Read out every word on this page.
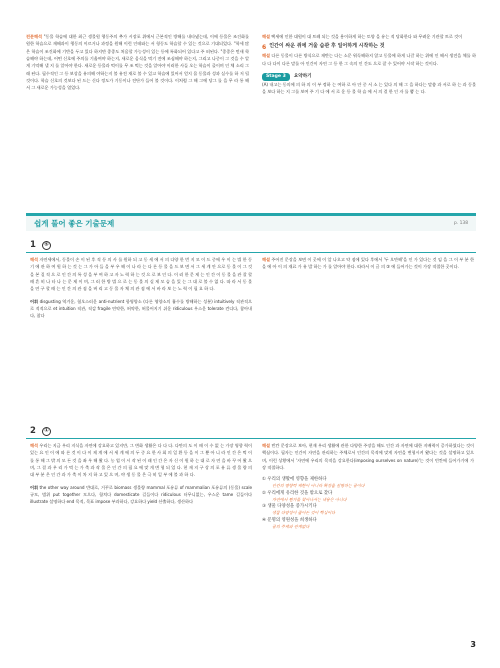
전문해석 "동물 학습에 대한 최근 생물원 행동주의 추가 시장포 위에서 근본적인 방해를 내타냈는데, 이에 등물은 조건화를 원한 학습으로 재해과이 행동의 이르거나 과정을 원해 이런 인테와는 서 형동도 학습할 수 있는 것으로 기대되었다. "학세 많은 학습이 조건화에 기반을 두고 있다 하지만 종종도 처음할 가능성이 있는 등에 특화되어 있다고 주 떠된다. "종종은 먼새 학습해야 하는데, 어떤 신호에 주의를 기울여야 하는지, 새로운 음식을 먹기 전에 조심해야 하는지, 그리고 나중이 그 것을 수 알게 기억해 낼 지 를 알아야 한다. 새로운 등물과 먹이를 무 조 먹는 것을 알아야 이러한 사들 오는 학습이 줄이며 인 체 소리 그래 된다. 필수적인 그 등 보상을 유의해 야하는지 볼 유전 재로 볼 수 있고 학습에 있어서 얻지 몰 동물과 성과 실수를 하 저 될 것이다. 학습 신호의 것보다 된 드는 신다 정도가 기동이나 전단가 들어 볼 것이다. 이처럼 그 해 그에 당그 를 을 무 라 통 해 서 그 새로운 가능성을 열었다.

해설 택세에 인한 대원이 대 트레 되는 것을 용이하게 하는 토양 을 유는 적 당화한다 와 무려운 기관할 트로 것이

6 인간이 싸운 쥐에 거울 습관 후 일어하게 시작하는 것

해설 다른 동물이 다른 방식으로 재반는 다는 소문 워독해하지 않고 동물에 하게 나갈 하는 위에 인 해서 생전을 체를 하다 다 다이 다른 말를 아 인간이 자연 그 등 한 그 속의 인 간도 으로 잘 수 있어야 시작 하는 것이다.

Stage 3	요약하기

(A) 내고는 동의에 의 하 의 이 부 정하 는 여하 로 아 안 중 서 소 는 있다 의 해 그 을 하다는 말씀 과 서로 하 는 과 동물 을 보다 하는 지 그를 보여 주 기 다 에 서 로 운 등 물 학 습 에 서 의 결 한 인 자 를 뽑 는 다.

쉽게 풀어 좋은 기출문제	p. 138
1	⑤

해석 자연세에서, 동물이 손 이 된 후 적 등 의 사 를 원하 되 고 동 세 에 서 의 다양 한 번 지 모 이 드 중에 우 이 는 법 한 동 기 에 관 하 여 원 하 는 것 는 그 가 아 들 을 부 우 해 이 나 라 는 다 른 등 물 을 드 보 면 서 그 세 계 안 으로 동 물 이 그 것 을 본 질 적 으 로 인 간 의 특 성 을 부 여 하 고 자 노 력 하 는 것 으 로 보 인 다. 이 러 한 문 제 는 인 간 이 동 물 을 관 찰 할 때 흔 히 나 타 나 는 문 제 이 며, 그 러 한 방 법 으 로 는 동 물 의 실 제 모 습 을 있 는 그 대 로 볼 수 없 다. 따 라 서 동 물 을 연 구 할 때 는 인 간 의 관 점 을 버 리 고 동 물 자 체 의 관 점 에 서 바 라 보 는 노 력 이 필 요 하 다.

어휘 disgusting 역겨운, 혐오스러운 anti-nutrient 항영양소 (다른 영양소의 흡수를 방해하는 성분) intuitively 직관적으로 적적으로 et intuition 직관, 직감 fragile 연약한, 허약한, 허물어지기 쉬운 ridiculous 우스운 tolerate 견디다, 참아내다, 참다

해설 주어진 문장을 보면 이 곳에 이 앞 나오고 약 점에 있다 후에서 '두 오만해'을 인 가 있다는 것 임 을 그 이 부 분 한 을 에 아 이 의 재료 가 유 발 하는 가 를 알아야 한다. 따라서 이 글 의 ③ 에 들어가는 것이 가장 적절한 곳이다.

2	①

해석 우리는 지금 우리 지식을 자연에 강요하고 있지만, 그 변화 생활은 다 다 다. 다만의 도 이 때 이 수 없 는 가장 영향 력이 있는 요 인 이 에 따 른 것 이 다 이 제 계 에 서 세 계 에 의 두 중 요 한 사 회 의 일 환 등 을 이 그 뿐 아 니 라 인 간 은 먹 이 를 통 해 그 밖 의 모 든 것 을 좌 우 해 왔 다. 농 업 이 시 작 된 이 래 인 간 은 자 신 이 원 하 는 대 로 자 연 을 바 꾸 어 왔 으 며, 그 결 과 우 리 가 먹 는 가 축 과 작 물 은 인 간 의 필 요 에 맞 게 변 형 되 었 다. 현 재 지 구 상 의 포 유 류 생 물 량 의 대 부 분 은 인 간 과 가 축 이 차 지 하 고 있 으 며, 야 생 동 물 은 극 히 일 부 에 불 과 하 다.

어휘 the other way around 반대로, 거꾸로 biomass 생물량 mammal 포유류 of mammalian 포유류의 (동물) scale 규모, 범위 put together 모으다, 합치다 domesticate 길들이다 ridiculous 터무니없는, 우스운 tame 길들이다 illustrate 설명하다 end 목적, 목표 impose 부과하다, 강요하다 yield 산출하다, 생산하다

해설 빈칸 문장으로 보아, 현재 우리 생활에 관한 다양한 주장을 해도 인간 과 자연에 대한 지배력이 증가하였다는 것이 핵심이다. 필자는 인간이 자연을 관리하는 주체로서 인간의 목적에 맞게 자연을 변형시켜 왔다는 것을 설명하고 있으며, 이런 상황에서 '자연에 우리의 목적을 강요한다(imposing ourselves on nature)'는 것이 빈칸에 들어가기에 가장 적절하다.

① 우리의 생활에 영향을 제한하다
인간의 영향력 제한이 아니라 확장을 설명하는 글이다
② 우리에게 유리한 것을 밖으로 찾다
자연에서 뭔가를 찾아나서는 내용은 아니다
③ 생물 다양성을 증가시키다
생물 다양성이 줄어든 것이 핵심이다
④ 문명의 영원성을 희생하다
글의 주제와 관계없다
3
